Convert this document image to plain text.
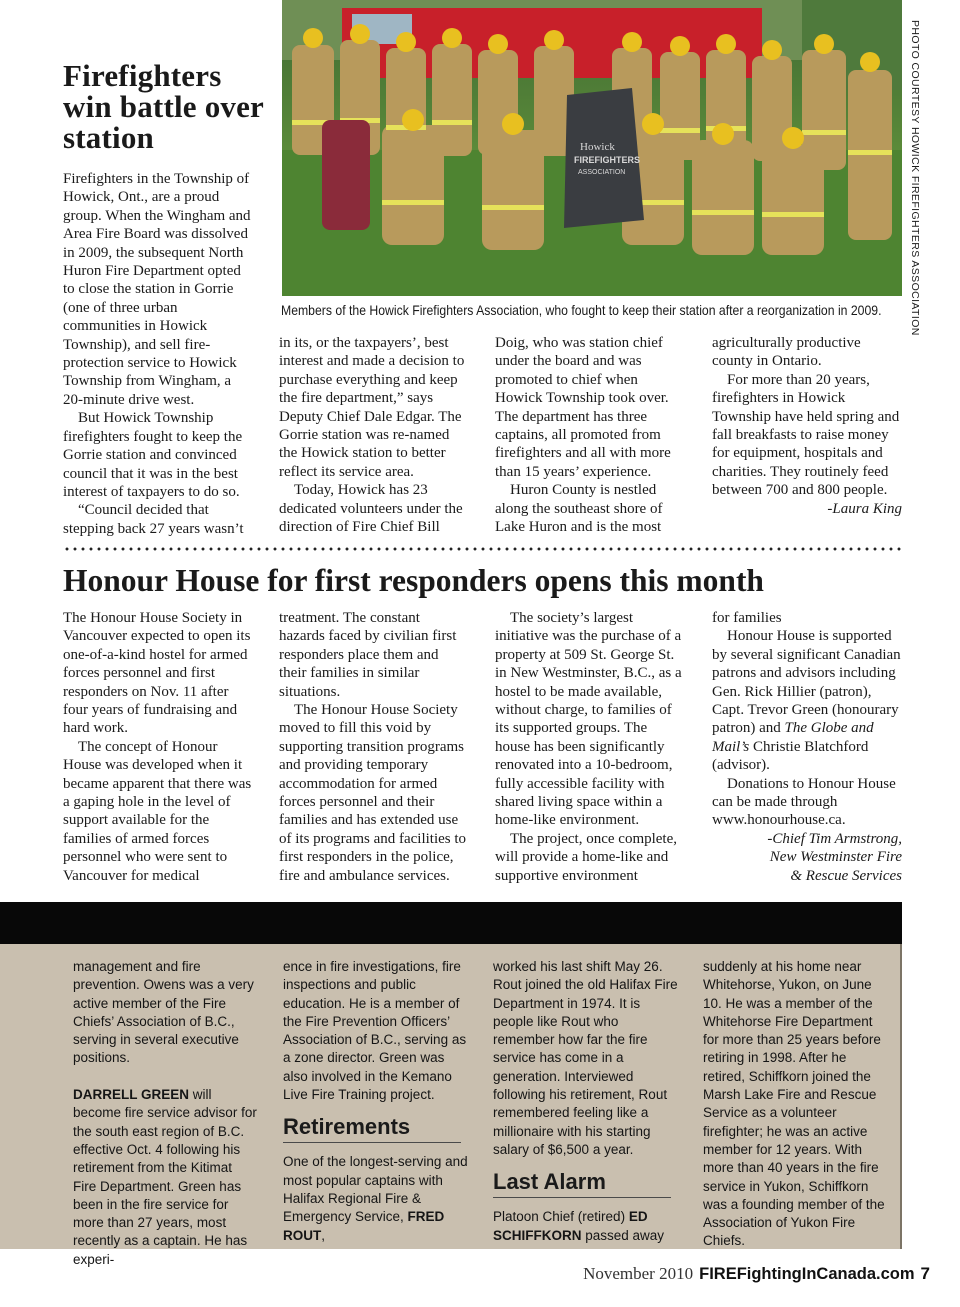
Firefighters win battle over station

Firefighters in the Township of Howick, Ont., are a proud group. When the Wingham and Area Fire Board was dissolved in 2009, the subsequent North Huron Fire Department opted to close the station in Gorrie (one of three urban communities in Howick Township), and sell fire-protection service to Howick Township from Wingham, a 20-minute drive west.

But Howick Township firefighters fought to keep the Gorrie station and convinced council that it was in the best interest of taxpayers to do so.

“Council decided that stepping back 27 years wasn’t

Howick
FIREFIGHTERS
ASSOCIATION	PHOTO COURTESY HOWICK FIREFIGHTERS ASSOCIATION
Members of the Howick Firefighters Association, who fought to keep their station after a reorganization in 2009.

in its, or the taxpayers’, best interest and made a decision to purchase everything and keep the fire department,” says Deputy Chief Dale Edgar. The Gorrie station was re-named the Howick station to better reflect its service area.

Today, Howick has 23 dedicated volunteers under the direction of Fire Chief Bill

Doig, who was station chief under the board and was promoted to chief when Howick Township took over. The department has three captains, all promoted from firefighters and all with more than 15 years’ experience.

Huron County is nestled along the southeast shore of Lake Huron and is the most

agriculturally productive county in Ontario.

For more than 20 years, firefighters in Howick Township have held spring and fall breakfasts to raise money for equipment, hospitals and charities. They routinely feed between 700 and 800 people.

-Laura King

Honour House for first responders opens this month

The Honour House Society in Vancouver expected to open its one-of-a-kind hostel for armed forces personnel and first responders on Nov. 11 after four years of fundraising and hard work.

The concept of Honour House was developed when it became apparent that there was a gaping hole in the level of support available for the families of armed forces personnel who were sent to Vancouver for medical

treatment. The constant hazards faced by civilian first responders place them and their families in similar situations.

The Honour House Society moved to fill this void by supporting transition programs and providing temporary accommodation for armed forces personnel and their families and has extended use of its programs and facilities to first responders in the police, fire and ambulance services.

The society’s largest initiative was the purchase of a property at 509 St. George St. in New Westminster, B.C., as a hostel to be made available, without charge, to families of its supported groups. The house has been significantly renovated into a 10-bedroom, fully accessible facility with shared living space within a home-like environment.

The project, once complete, will provide a home-like and supportive environment

for families

Honour House is supported by several significant Canadian patrons and advisors including Gen. Rick Hillier (patron), Capt. Trevor Green (honourary patron) and The Globe and Mail’s Christie Blatchford (advisor).

Donations to Honour House can be made through www.honourhouse.ca.

-Chief Tim Armstrong,

New Westminster Fire

& Rescue Services

management and fire prevention. Owens was a very active member of the Fire Chiefs’ Association of B.C., serving in several executive positions.

DARRELL GREEN will become fire service advisor for the south east region of B.C. effective Oct. 4 following his retirement from the Kitimat Fire Department. Green has been in the fire service for more than 27 years, most recently as a captain. He has experi-

ence in fire investigations, fire inspections and public education. He is a member of the Fire Prevention Officers’ Association of B.C., serving as a zone director. Green was also involved in the Kemano Live Fire Training project.

Retirements

One of the longest-serving and most popular captains with Halifax Regional Fire & Emergency Service, FRED ROUT,

worked his last shift May 26. Rout joined the old Halifax Fire Department in 1974. It is people like Rout who remember how far the fire service has come in a generation. Interviewed following his retirement, Rout remembered feeling like a millionaire with his starting salary of $6,500 a year.

Last Alarm

Platoon Chief (retired) ED SCHIFFKORN passed away

suddenly at his home near Whitehorse, Yukon, on June 10. He was a member of the Whitehorse Fire Department for more than 25 years before retiring in 1998. After he retired, Schiffkorn joined the Marsh Lake Fire and Rescue Service as a volunteer firefighter; he was an active member for 12 years. With more than 40 years in the fire service in Yukon, Schiffkorn was a founding member of the Association of Yukon Fire Chiefs.

November 2010 FIREFightingInCanada.com 7
